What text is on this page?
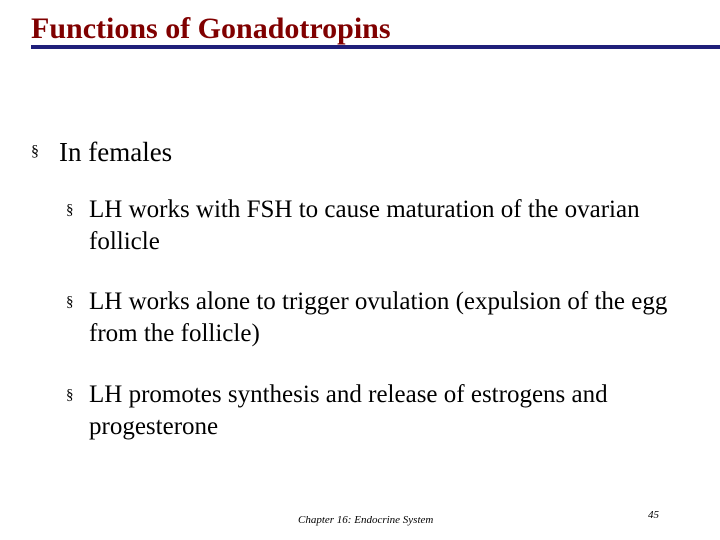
Functions of Gonadotropins
§ In females
§ LH works with FSH to cause maturation of the ovarian follicle
§ LH works alone to trigger ovulation (expulsion of the egg from the follicle)
§ LH promotes synthesis and release of estrogens and progesterone
Chapter 16: Endocrine System	45
